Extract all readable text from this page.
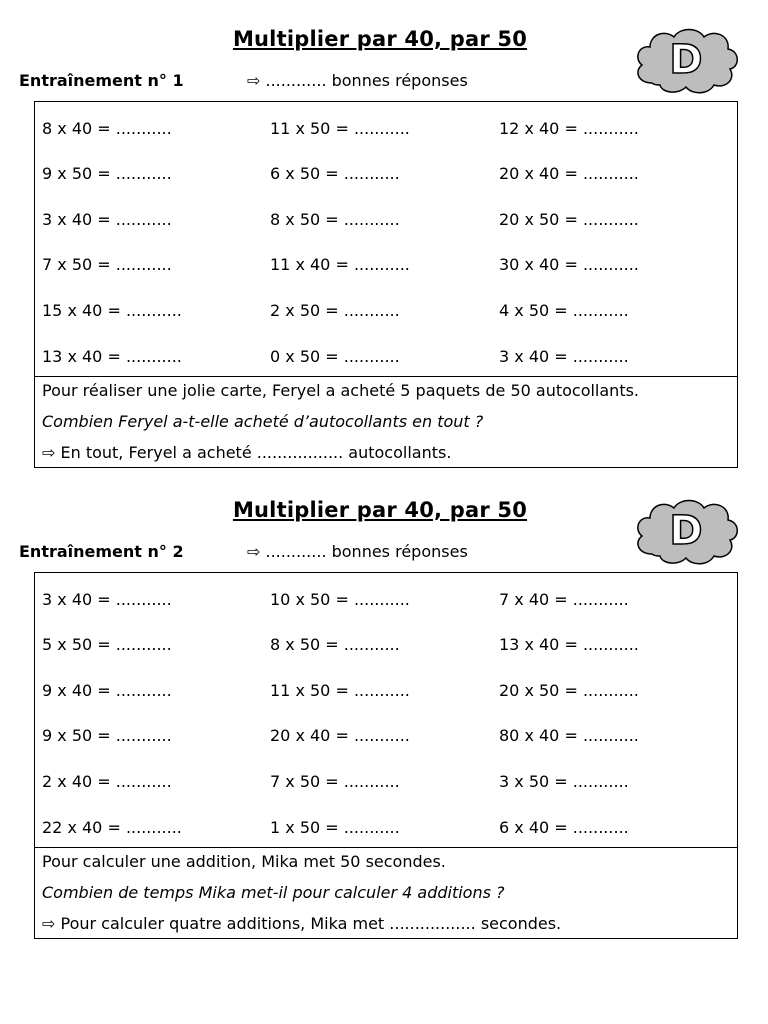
Multiplier par 40, par 50
Entraînement n° 1	⇨ ............ bonnes réponses	D
8 x 40 = ...........	11 x 50 = ...........	12 x 40 = ...........
9 x 50 = ...........	6 x 50 = ...........	20 x 40 = ...........
3 x 40 = ...........	8 x 50 = ...........	20 x 50 = ...........
7 x 50 = ...........	11 x 40 = ...........	30 x 40 = ...........
15 x 40 = ...........	2 x 50 = ...........	4 x 50 = ...........
13 x 40 = ...........	0 x 50 = ...........	3 x 40 = ...........
Pour réaliser une jolie carte, Feryel a acheté 5 paquets de 50 autocollants.
Combien Feryel a-t-elle acheté d’autocollants en tout ?
⇨ En tout, Feryel a acheté ................. autocollants.
Multiplier par 40, par 50
Entraînement n° 2	⇨ ............ bonnes réponses	D
3 x 40 = ...........	10 x 50 = ...........	7 x 40 = ...........
5 x 50 = ...........	8 x 50 = ...........	13 x 40 = ...........
9 x 40 = ...........	11 x 50 = ...........	20 x 50 = ...........
9 x 50 = ...........	20 x 40 = ...........	80 x 40 = ...........
2 x 40 = ...........	7 x 50 = ...........	3 x 50 = ...........
22 x 40 = ...........	1 x 50 = ...........	6 x 40 = ...........
Pour calculer une addition, Mika met 50 secondes.
Combien de temps Mika met-il pour calculer 4 additions ?
⇨ Pour calculer quatre additions, Mika met ................. secondes.
